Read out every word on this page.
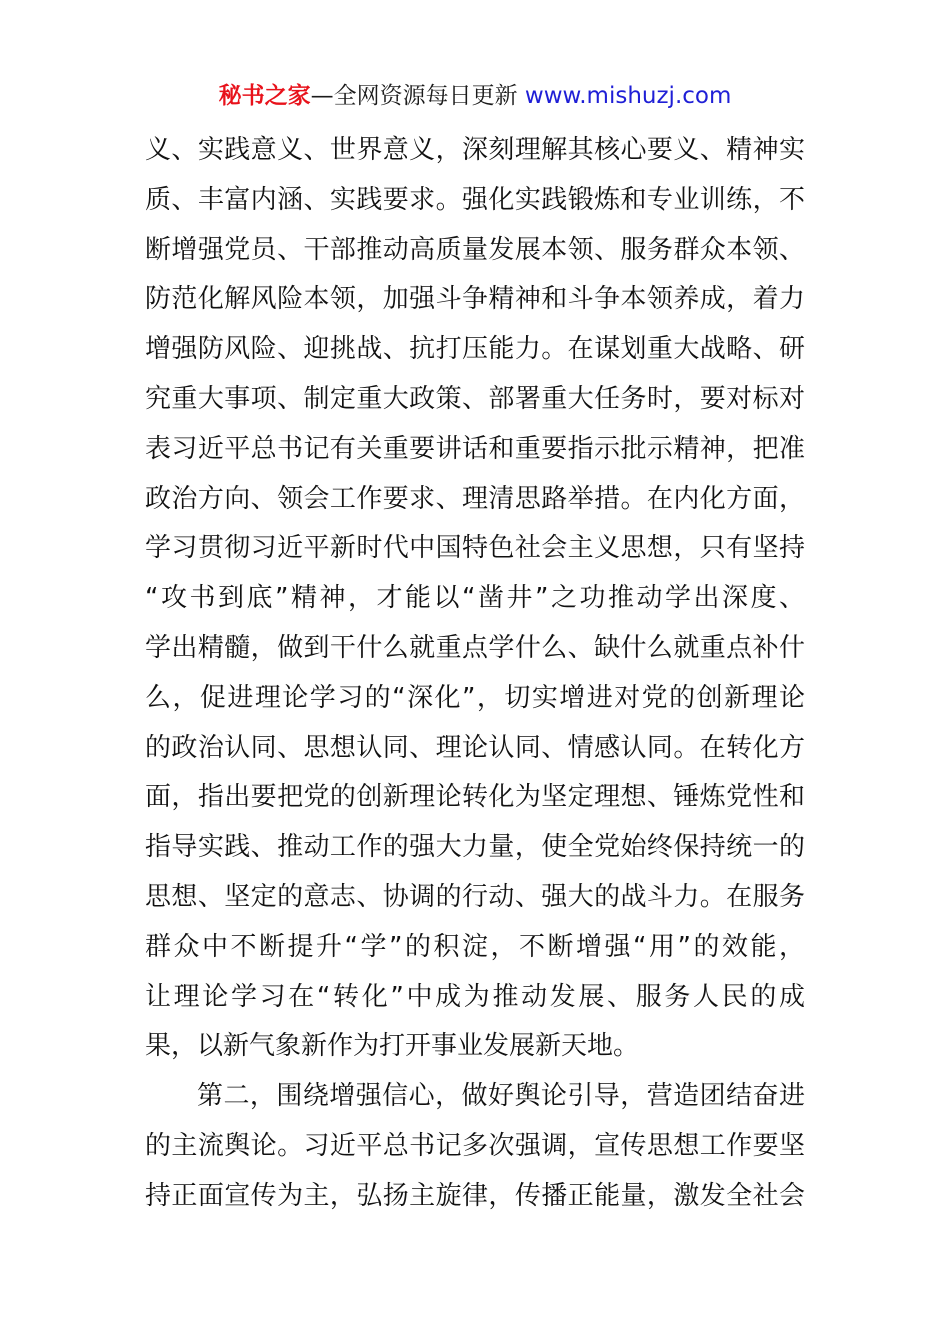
秘书之家—全网资源每日更新 www.mishuzj.com
义、实践意义、世界意义，深刻理解其核心要义、精神实
质、丰富内涵、实践要求。强化实践锻炼和专业训练，不
断增强党员、干部推动高质量发展本领、服务群众本领、
防范化解风险本领，加强斗争精神和斗争本领养成，着力
增强防风险、迎挑战、抗打压能力。在谋划重大战略、研
究重大事项、制定重大政策、部署重大任务时，要对标对
表习近平总书记有关重要讲话和重要指示批示精神，把准
政治方向、领会工作要求、理清思路举措。在内化方面，
学习贯彻习近平新时代中国特色社会主义思想，只有坚持
“攻书到底”精神，才能以“凿井”之功推动学出深度、
学出精髓，做到干什么就重点学什么、缺什么就重点补什
么，促进理论学习的“深化”，切实增进对党的创新理论
的政治认同、思想认同、理论认同、情感认同。在转化方
面，指出要把党的创新理论转化为坚定理想、锤炼党性和
指导实践、推动工作的强大力量，使全党始终保持统一的
思想、坚定的意志、协调的行动、强大的战斗力。在服务
群众中不断提升“学”的积淀，不断增强“用”的效能，
让理论学习在“转化”中成为推动发展、服务人民的成
果，以新气象新作为打开事业发展新天地。
第二，围绕增强信心，做好舆论引导，营造团结奋进
的主流舆论。习近平总书记多次强调，宣传思想工作要坚
持正面宣传为主，弘扬主旋律，传播正能量，激发全社会
